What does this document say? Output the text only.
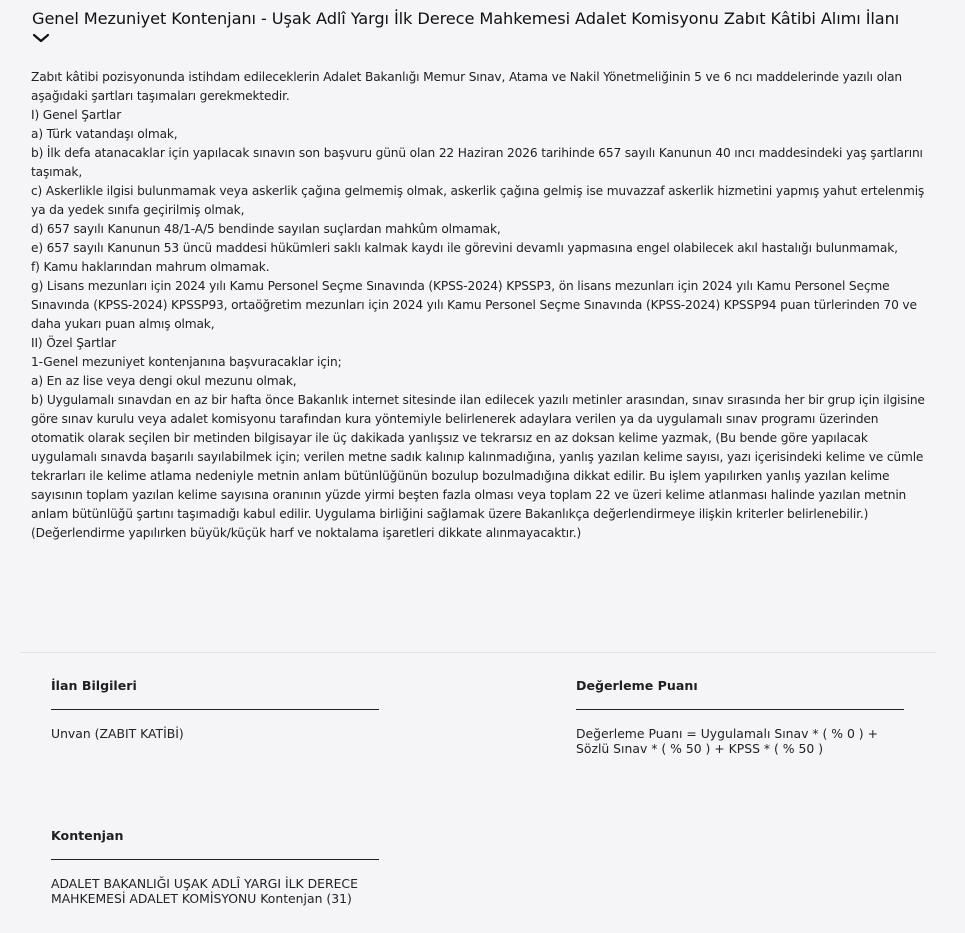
Genel Mezuniyet Kontenjanı - Uşak Adlî Yargı İlk Derece Mahkemesi Adalet Komisyonu Zabıt Kâtibi Alımı İlanı

Zabıt kâtibi pozisyonunda istihdam edileceklerin Adalet Bakanlığı Memur Sınav, Atama ve Nakil Yönetmeliğinin 5 ve 6 ncı maddelerinde yazılı olan aşağıdaki şartları taşımaları gerekmektedir.

I) Genel Şartlar

a) Türk vatandaşı olmak,

b) İlk defa atanacaklar için yapılacak sınavın son başvuru günü olan 22 Haziran 2026 tarihinde 657 sayılı Kanunun 40 ıncı maddesindeki yaş şartlarını taşımak,

c) Askerlikle ilgisi bulunmamak veya askerlik çağına gelmemiş olmak, askerlik çağına gelmiş ise muvazzaf askerlik hizmetini yapmış yahut ertelenmiş ya da yedek sınıfa geçirilmiş olmak,

d) 657 sayılı Kanunun 48/1-A/5 bendinde sayılan suçlardan mahkûm olmamak,

e) 657 sayılı Kanunun 53 üncü maddesi hükümleri saklı kalmak kaydı ile görevini devamlı yapmasına engel olabilecek akıl hastalığı bulunmamak,

f) Kamu haklarından mahrum olmamak.

g) Lisans mezunları için 2024 yılı Kamu Personel Seçme Sınavında (KPSS-2024) KPSSP3, ön lisans mezunları için 2024 yılı Kamu Personel Seçme Sınavında (KPSS-2024) KPSSP93, ortaöğretim mezunları için 2024 yılı Kamu Personel Seçme Sınavında (KPSS-2024) KPSSP94 puan türlerinden 70 ve daha yukarı puan almış olmak,

II) Özel Şartlar

1-Genel mezuniyet kontenjanına başvuracaklar için;

a) En az lise veya dengi okul mezunu olmak,

b) Uygulamalı sınavdan en az bir hafta önce Bakanlık internet sitesinde ilan edilecek yazılı metinler arasından, sınav sırasında her bir grup için ilgisine göre sınav kurulu veya adalet komisyonu tarafından kura yöntemiyle belirlenerek adaylara verilen ya da uygulamalı sınav programı üzerinden otomatik olarak seçilen bir metinden bilgisayar ile üç dakikada yanlışsız ve tekrarsız en az doksan kelime yazmak, (Bu bende göre yapılacak uygulamalı sınavda başarılı sayılabilmek için; verilen metne sadık kalınıp kalınmadığına, yanlış yazılan kelime sayısı, yazı içerisindeki kelime ve cümle tekrarları ile kelime atlama nedeniyle metnin anlam bütünlüğünün bozulup bozulmadığına dikkat edilir. Bu işlem yapılırken yanlış yazılan kelime sayısının toplam yazılan kelime sayısına oranının yüzde yirmi beşten fazla olması veya toplam 22 ve üzeri kelime atlanması halinde yazılan metnin anlam bütünlüğü şartını taşımadığı kabul edilir. Uygulama birliğini sağlamak üzere Bakanlıkça değerlendirmeye ilişkin kriterler belirlenebilir.) (Değerlendirme yapılırken büyük/küçük harf ve noktalama işaretleri dikkate alınmayacaktır.)

İlan Bilgileri
Unvan (ZABIT KATİBİ)
Değerleme Puanı
Değerleme Puanı = Uygulamalı Sınav * ( % 0 ) + Sözlü Sınav * ( % 50 ) + KPSS * ( % 50 )
Kontenjan
ADALET BAKANLIĞI UŞAK ADLÎ YARGI İLK DERECE MAHKEMESİ ADALET KOMİSYONU Kontenjan (31)
